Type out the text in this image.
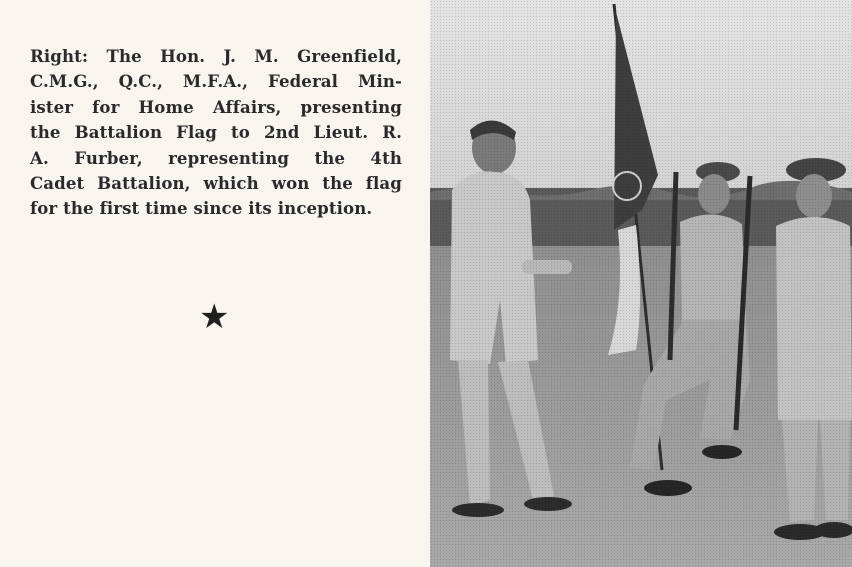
Right: The Hon. J. M. Greenfield,
C.M.G., Q.C., M.F.A., Federal Min-
ister for Home Affairs, presenting
the Battalion Flag to 2nd Lieut. R.
A. Furber, representing the 4th
Cadet Battalion, which won the flag
for the first time since its inception.
★
